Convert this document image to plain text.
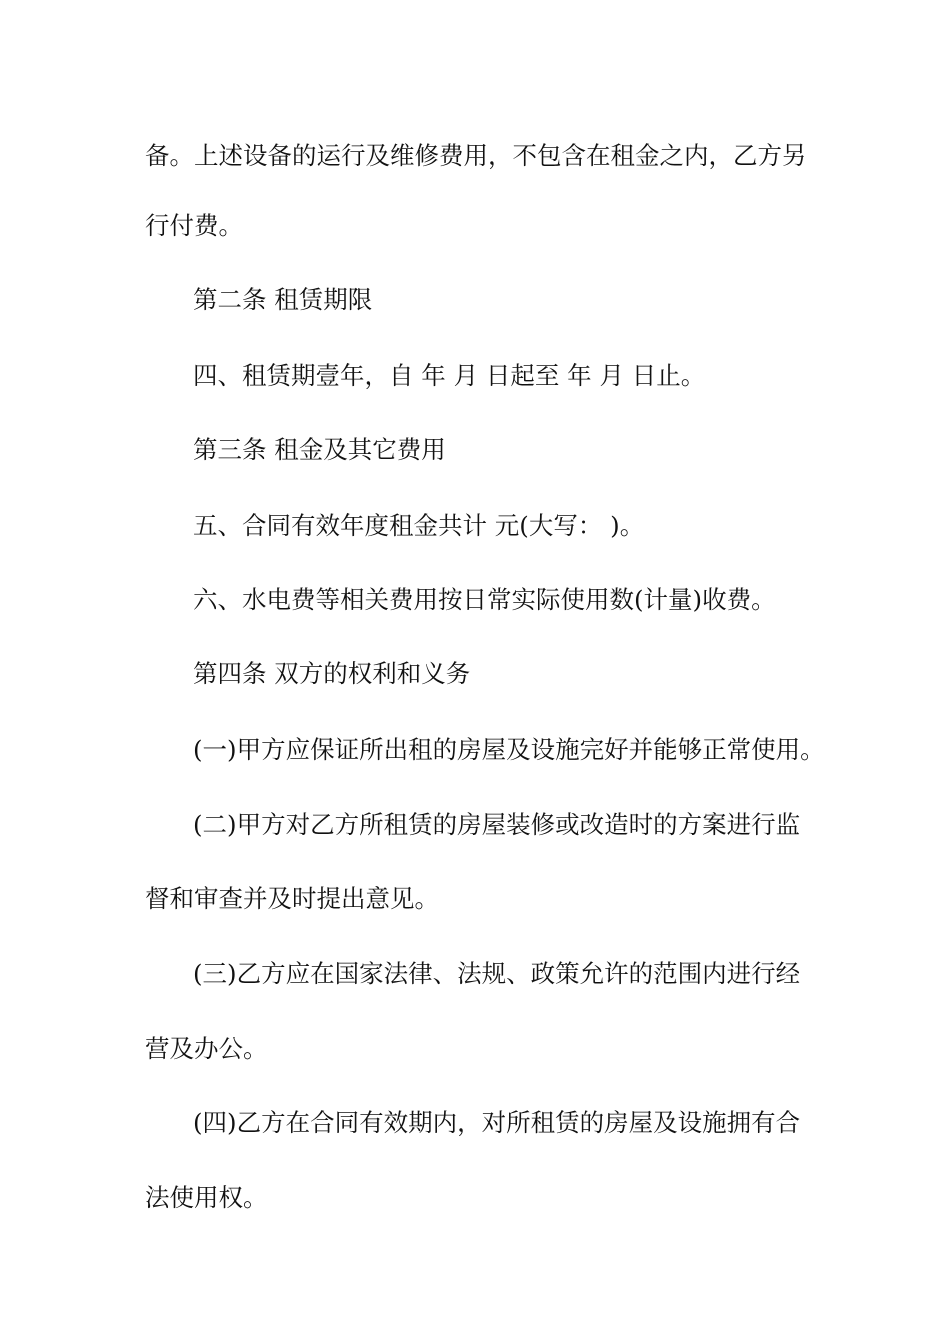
备。上述设备的运行及维修费用，不包含在租金之内，乙方另

行付费。

第二条 租赁期限

四、租赁期壹年，自 年 月 日起至 年 月 日止。

第三条 租金及其它费用

五、合同有效年度租金共计 元(大写： )。

六、水电费等相关费用按日常实际使用数(计量)收费。

第四条 双方的权利和义务

(一)甲方应保证所出租的房屋及设施完好并能够正常使用。

(二)甲方对乙方所租赁的房屋装修或改造时的方案进行监

督和审查并及时提出意见。

(三)乙方应在国家法律、法规、政策允许的范围内进行经

营及办公。

(四)乙方在合同有效期内，对所租赁的房屋及设施拥有合

法使用权。
